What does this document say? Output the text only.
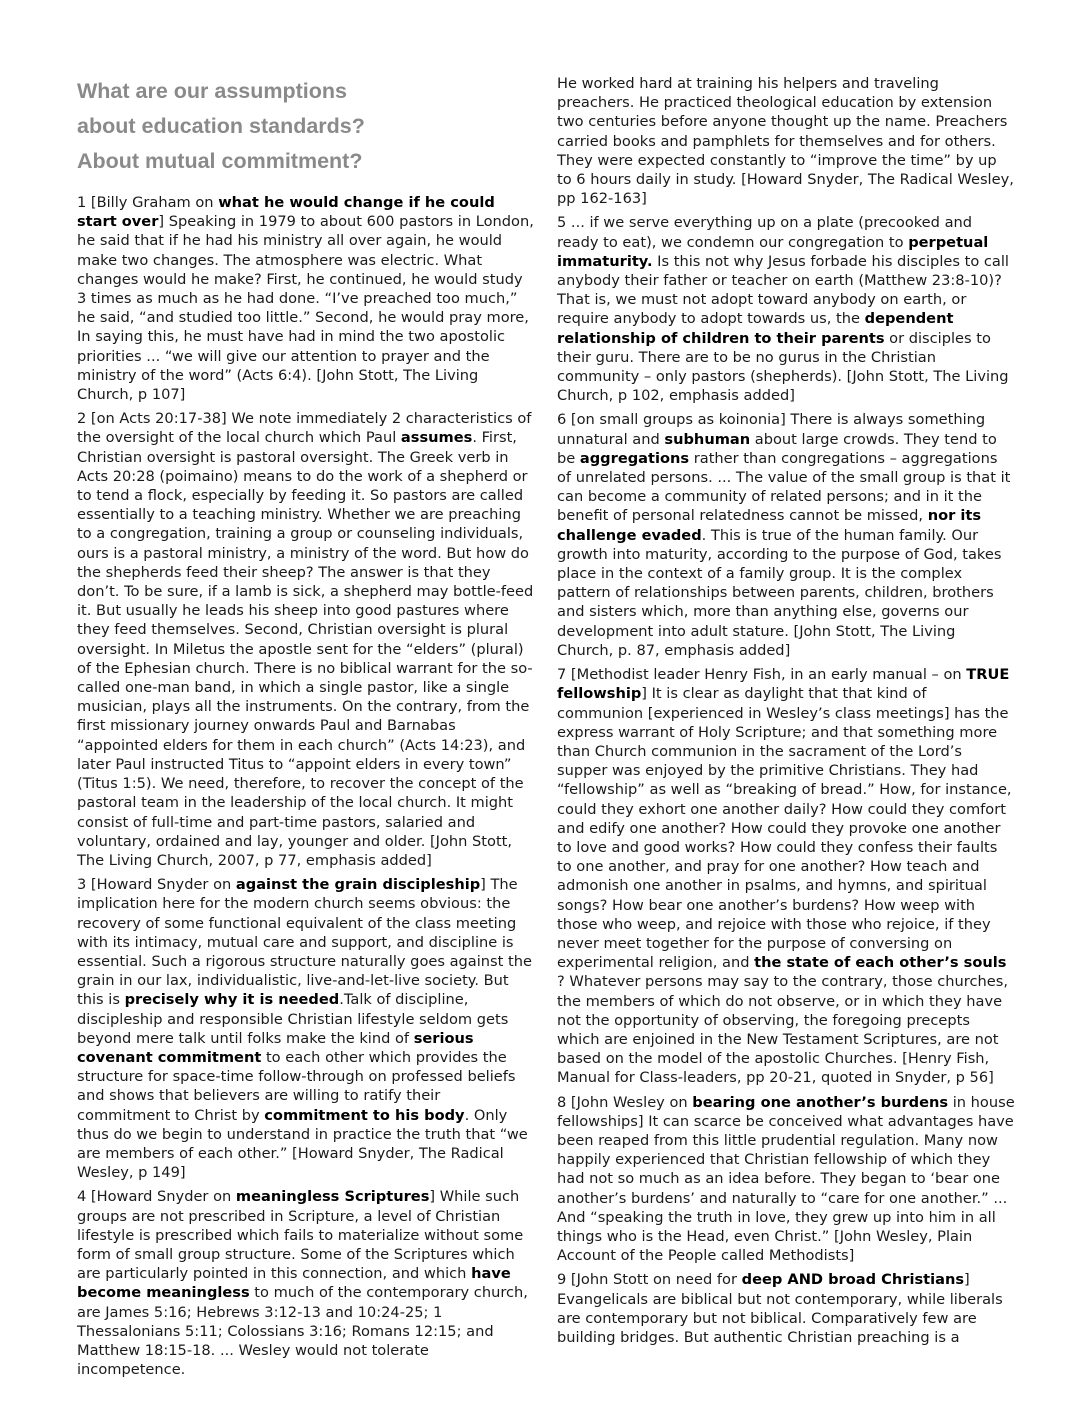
What are our assumptions
about education standards?
About mutual commitment?
1 [Billy Graham on what he would change if he could start over] Speaking in 1979 to about 600 pastors in London, he said that if he had his ministry all over again, he would make two changes. The atmosphere was electric. What changes would he make? First, he continued, he would study 3 times as much as he had done. “I’ve preached too much,” he said, “and studied too little.” Second, he would pray more, In saying this, he must have had in mind the two apostolic priorities ... “we will give our attention to prayer and the ministry of the word” (Acts 6:4). [John Stott, The Living Church, p 107]
2 [on Acts 20:17-38] We note immediately 2 characteristics of the oversight of the local church which Paul assumes. First, Christian oversight is pastoral oversight. The Greek verb in Acts 20:28 (poimaino) means to do the work of a shepherd or to tend a flock, especially by feeding it. So pastors are called essentially to a teaching ministry. Whether we are preaching to a congregation, training a group or counseling individuals, ours is a pastoral ministry, a ministry of the word. But how do the shepherds feed their sheep? The answer is that they don’t. To be sure, if a lamb is sick, a shepherd may bottle-feed it. But usually he leads his sheep into good pastures where they feed themselves. Second, Christian oversight is plural oversight. In Miletus the apostle sent for the “elders” (plural) of the Ephesian church. There is no biblical warrant for the so-called one-man band, in which a single pastor, like a single musician, plays all the instruments. On the contrary, from the first missionary journey onwards Paul and Barnabas “appointed elders for them in each church” (Acts 14:23), and later Paul instructed Titus to “appoint elders in every town” (Titus 1:5). We need, therefore, to recover the concept of the pastoral team in the leadership of the local church. It might consist of full-time and part-time pastors, salaried and voluntary, ordained and lay, younger and older. [John Stott, The Living Church, 2007, p 77, emphasis added]
3 [Howard Snyder on against the grain discipleship] The implication here for the modern church seems obvious: the recovery of some functional equivalent of the class meeting with its intimacy, mutual care and support, and discipline is essential. Such a rigorous structure naturally goes against the grain in our lax, individualistic, live-and-let-live society. But this is precisely why it is needed.Talk of discipline, discipleship and responsible Christian lifestyle seldom gets beyond mere talk until folks make the kind of serious covenant commitment to each other which provides the structure for space-time follow-through on professed beliefs and shows that believers are willing to ratify their commitment to Christ by commitment to his body. Only thus do we begin to understand in practice the truth that “we are members of each other.” [Howard Snyder, The Radical Wesley, p 149]
4 [Howard Snyder on meaningless Scriptures] While such groups are not prescribed in Scripture, a level of Christian lifestyle is prescribed which fails to materialize without some form of small group structure. Some of the Scriptures which are particularly pointed in this connection, and which have become meaningless to much of the contemporary church, are James 5:16; Hebrews 3:12-13 and 10:24-25; 1 Thessalonians 5:11; Colossians 3:16; Romans 12:15; and Matthew 18:15-18. ... Wesley would not tolerate incompetence.
He worked hard at training his helpers and traveling preachers. He practiced theological education by extension two centuries before anyone thought up the name. Preachers carried books and pamphlets for themselves and for others. They were expected constantly to “improve the time” by up to 6 hours daily in study. [Howard Snyder, The Radical Wesley, pp 162-163]
5 ... if we serve everything up on a plate (precooked and ready to eat), we condemn our congregation to perpetual immaturity. Is this not why Jesus forbade his disciples to call anybody their father or teacher on earth (Matthew 23:8-10)? That is, we must not adopt toward anybody on earth, or require anybody to adopt towards us, the dependent relationship of children to their parents or disciples to their guru. There are to be no gurus in the Christian community – only pastors (shepherds). [John Stott, The Living Church, p 102, emphasis added]
6 [on small groups as koinonia] There is always something unnatural and subhuman about large crowds. They tend to be aggregations rather than congregations – aggregations of unrelated persons. ... The value of the small group is that it can become a community of related persons; and in it the benefit of personal relatedness cannot be missed, nor its challenge evaded. This is true of the human family. Our growth into maturity, according to the purpose of God, takes place in the context of a family group. It is the complex pattern of relationships between parents, children, brothers and sisters which, more than anything else, governs our development into adult stature. [John Stott, The Living Church, p. 87, emphasis added]
7 [Methodist leader Henry Fish, in an early manual – on TRUE fellowship] It is clear as daylight that that kind of communion [experienced in Wesley’s class meetings] has the express warrant of Holy Scripture; and that something more than Church communion in the sacrament of the Lord’s supper was enjoyed by the primitive Christians. They had “fellowship” as well as “breaking of bread.” How, for instance, could they exhort one another daily? How could they comfort and edify one another? How could they provoke one another to love and good works? How could they confess their faults to one another, and pray for one another? How teach and admonish one another in psalms, and hymns, and spiritual songs? How bear one another’s burdens? How weep with those who weep, and rejoice with those who rejoice, if they never meet together for the purpose of conversing on experimental religion, and the state of each other’s souls ? Whatever persons may say to the contrary, those churches, the members of which do not observe, or in which they have not the opportunity of observing, the foregoing precepts which are enjoined in the New Testament Scriptures, are not based on the model of the apostolic Churches. [Henry Fish, Manual for Class-leaders, pp 20-21, quoted in Snyder, p 56]
8 [John Wesley on bearing one another’s burdens in house fellowships] It can scarce be conceived what advantages have been reaped from this little prudential regulation. Many now happily experienced that Christian fellowship of which they had not so much as an idea before. They began to ‘bear one another’s burdens’ and naturally to “care for one another.” ... And “speaking the truth in love, they grew up into him in all things who is the Head, even Christ.” [John Wesley, Plain Account of the People called Methodists]
9 [John Stott on need for deep AND broad Christians] Evangelicals are biblical but not contemporary, while liberals are contemporary but not biblical. Comparatively few are building bridges. But authentic Christian preaching is a
